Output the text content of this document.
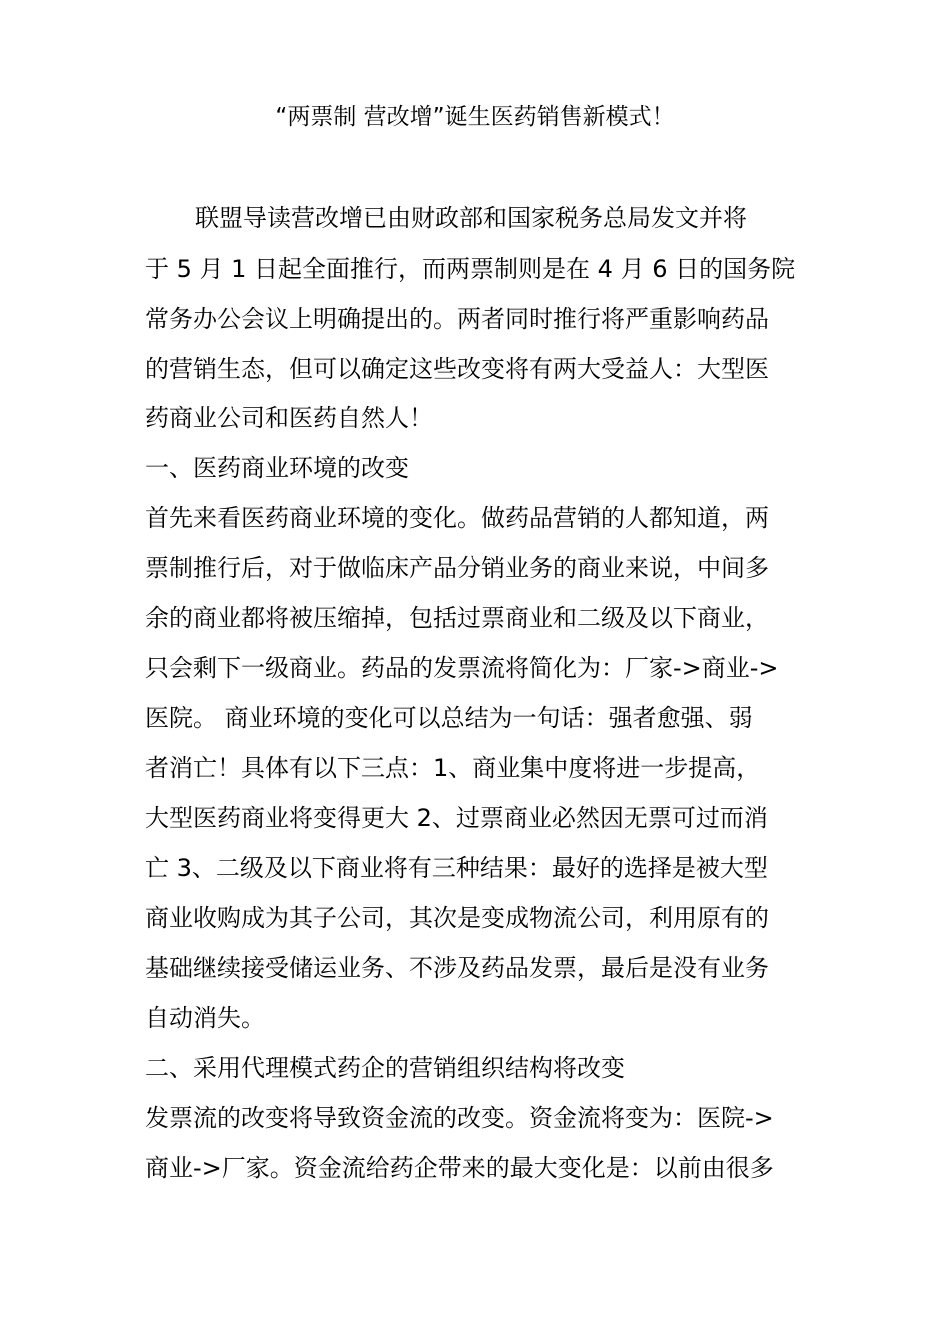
“两票制 营改增”诞生医药销售新模式！
联盟导读营改增已由财政部和国家税务总局发文并将
于 5 月 1 日起全面推行，而两票制则是在 4 月 6 日的国务院
常务办公会议上明确提出的。两者同时推行将严重影响药品
的营销生态，但可以确定这些改变将有两大受益人：大型医
药商业公司和医药自然人！
一、医药商业环境的改变
首先来看医药商业环境的变化。做药品营销的人都知道，两
票制推行后，对于做临床产品分销业务的商业来说，中间多
余的商业都将被压缩掉，包括过票商业和二级及以下商业，
只会剩下一级商业。药品的发票流将简化为：厂家->商业->
医院。 商业环境的变化可以总结为一句话：强者愈强、弱
者消亡！具体有以下三点：1、商业集中度将进一步提高，
大型医药商业将变得更大 2、过票商业必然因无票可过而消
亡 3、二级及以下商业将有三种结果：最好的选择是被大型
商业收购成为其子公司，其次是变成物流公司，利用原有的
基础继续接受储运业务、不涉及药品发票，最后是没有业务
自动消失。
二、采用代理模式药企的营销组织结构将改变
发票流的改变将导致资金流的改变。资金流将变为：医院->
商业->厂家。资金流给药企带来的最大变化是：以前由很多
